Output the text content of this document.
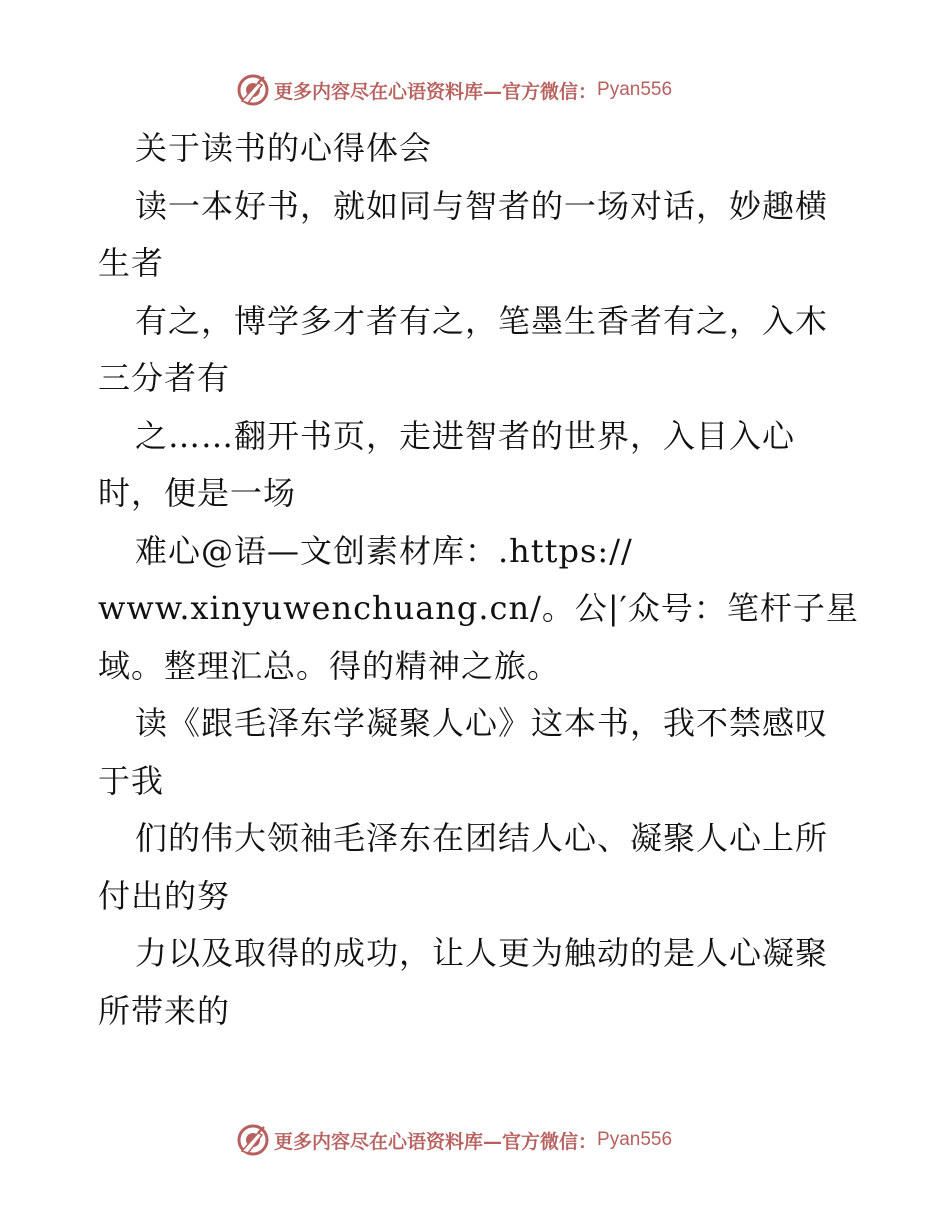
更多内容尽在心语资料库—官方微信： Pyan556
关于读书的心得体会
读一本好书，就如同与智者的一场对话，妙趣横
生者
有之，博学多才者有之，笔墨生香者有之，入木
三分者有
之……翻开书页，走进智者的世界，入目入心
时，便是一场
难心@语—文创素材库：.https://
www.xinyuwenchuang.cn/。公|′众号：笔杆子星
域。整理汇总。得的精神之旅。
读《跟毛泽东学凝聚人心》这本书，我不禁感叹
于我
们的伟大领袖毛泽东在团结人心、凝聚人心上所
付出的努
力以及取得的成功，让人更为触动的是人心凝聚
所带来的
更多内容尽在心语资料库—官方微信： Pyan556
